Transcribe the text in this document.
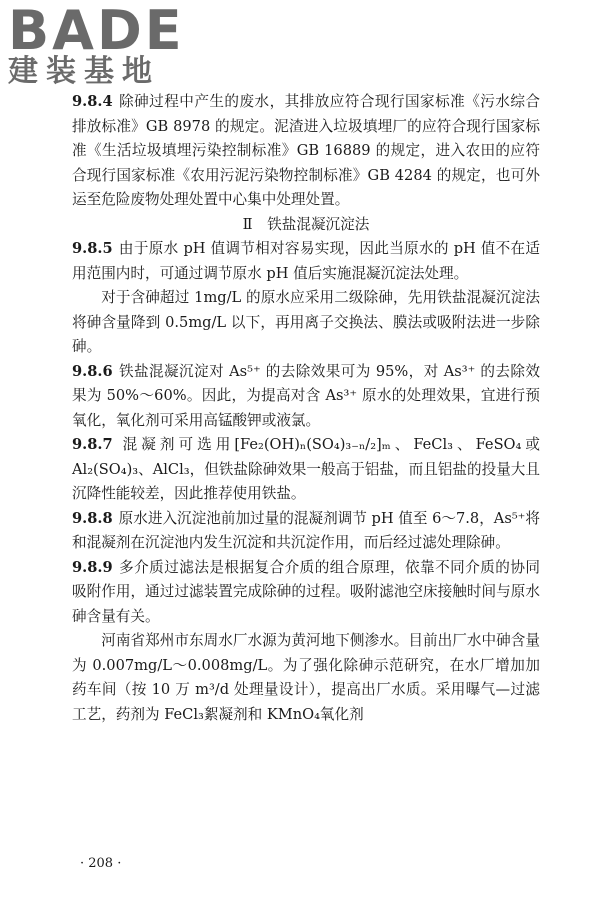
BADE
建装基地

9.8.4 除砷过程中产生的废水，其排放应符合现行国家标准《污水综合排放标准》GB 8978 的规定。泥渣进入垃圾填埋厂的应符合现行国家标准《生活垃圾填埋污染控制标准》GB 16889 的规定，进入农田的应符合现行国家标准《农用污泥污染物控制标准》GB 4284 的规定，也可外运至危险废物处理处置中心集中处理处置。

Ⅱ　铁盐混凝沉淀法

9.8.5 由于原水 pH 值调节相对容易实现，因此当原水的 pH 值不在适用范围内时，可通过调节原水 pH 值后实施混凝沉淀法处理。

对于含砷超过 1mg/L 的原水应采用二级除砷，先用铁盐混凝沉淀法将砷含量降到 0.5mg/L 以下，再用离子交换法、膜法或吸附法进一步除砷。

9.8.6 铁盐混凝沉淀对 As⁵⁺ 的去除效果可为 95%，对 As³⁺ 的去除效果为 50%～60%。因此，为提高对含 As³⁺ 原水的处理效果，宜进行预氧化，氧化剂可采用高锰酸钾或液氯。

9.8.7 混凝剂可选用[Fe₂(OH)ₙ(SO₄)₃₋ₙ/₂]ₘ、FeCl₃、FeSO₄或Al₂(SO₄)₃、AlCl₃，但铁盐除砷效果一般高于铝盐，而且铝盐的投量大且沉降性能较差，因此推荐使用铁盐。

9.8.8 原水进入沉淀池前加过量的混凝剂调节 pH 值至 6～7.8，As⁵⁺将和混凝剂在沉淀池内发生沉淀和共沉淀作用，而后经过滤处理除砷。

9.8.9 多介质过滤法是根据复合介质的组合原理，依靠不同介质的协同吸附作用，通过过滤装置完成除砷的过程。吸附滤池空床接触时间与原水砷含量有关。

河南省郑州市东周水厂水源为黄河地下侧渗水。目前出厂水中砷含量为 0.007mg/L～0.008mg/L。为了强化除砷示范研究，在水厂增加加药车间（按 10 万 m³/d 处理量设计），提高出厂水质。采用曝气—过滤工艺，药剂为 FeCl₃絮凝剂和 KMnO₄氧化剂

· 208 ·
